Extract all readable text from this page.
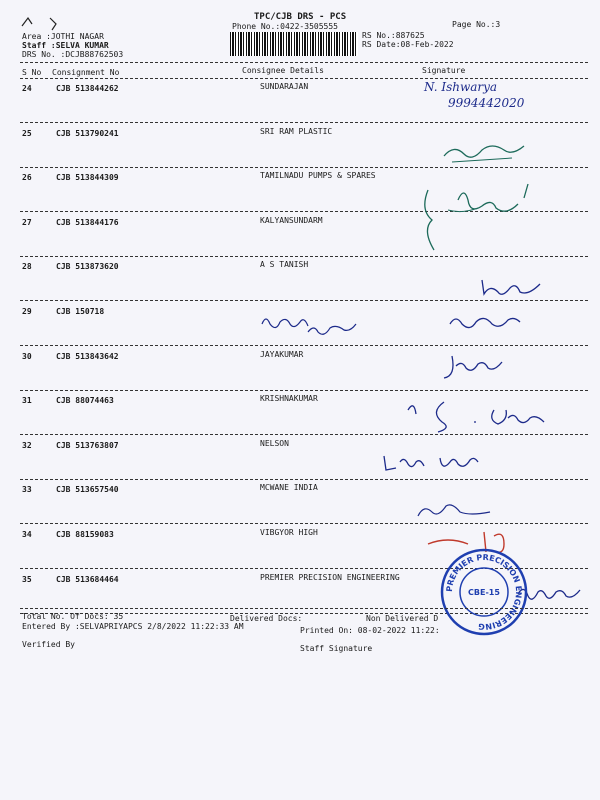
TPC/CJB DRS - PCS
Phone No.:0422-3505555	Page No.:3
RS No.:887625
RS Date:08-Feb-2022
Area :JOTHI NAGAR
Staff :SELVA KUMAR
DRS No. :DCJB88762503
S No Consignment No	Consignee Details	Signature
24	CJB 513844262	SUNDARAJAN
25	CJB 513790241	SRI RAM PLASTIC
26	CJB 513844309	TAMILNADU PUMPS & SPARES
27	CJB 513844176	KALYANSUNDARM
28	CJB 513873620	A S TANISH
29	CJB 150718
30	CJB 513843642	JAYAKUMAR
31	CJB 88074463	KRISHNAKUMAR
32	CJB 513763807	NELSON
33	CJB 513657540	MCWANE INDIA
34	CJB 88159083	VIBGYOR HIGH
35	CJB 513684464	PREMIER PRECISION ENGINEERING
N. Ishwarya
9994442020
PREMIER PRECISION ENGINEERING
CBE-15
Total No. Of Docs: 35	Delivered Docs:	Non Delivered D
Entered By :SELVAPRIYAPCS 2/8/2022 11:22:33 AM	Printed On: 08-02-2022 11:22:
Verified By	Staff Signature
